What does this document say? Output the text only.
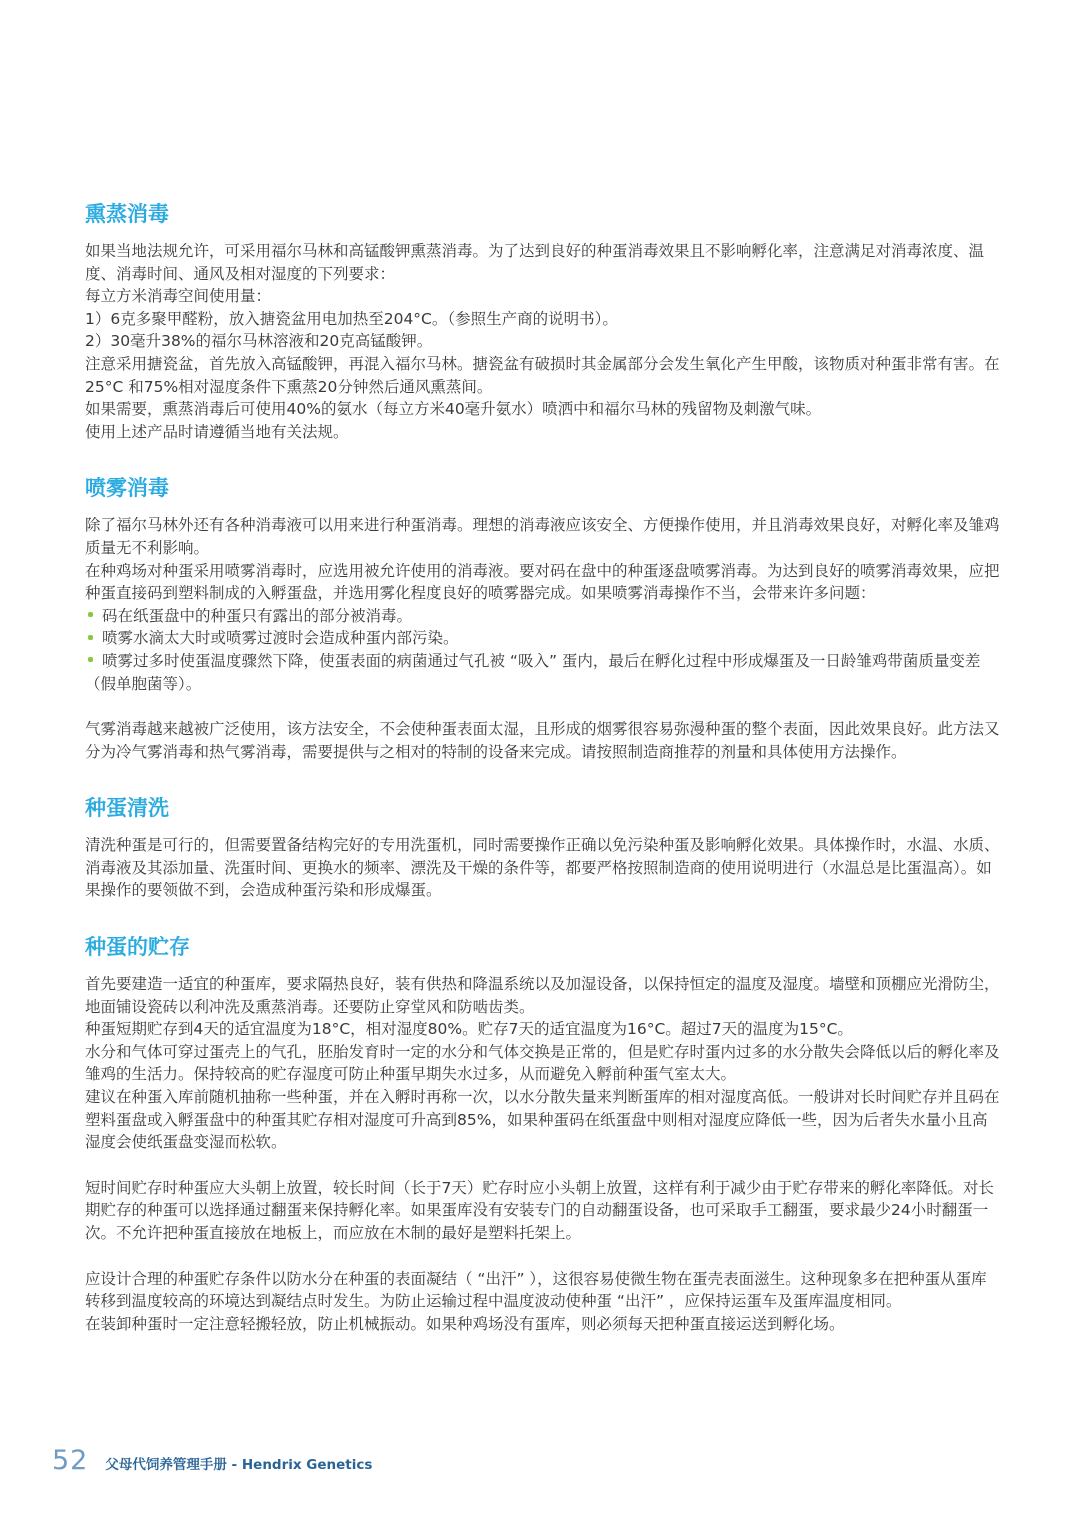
熏蒸消毒

如果当地法规允许，可采用福尔马林和高锰酸钾熏蒸消毒。为了达到良好的种蛋消毒效果且不影响孵化率，注意满足对消毒浓度、温度、消毒时间、通风及相对湿度的下列要求：

每立方米消毒空间使用量：

1）6克多聚甲醛粉，放入搪瓷盆用电加热至204°C。（参照生产商的说明书）。

2）30毫升38%的福尔马林溶液和20克高锰酸钾。

注意采用搪瓷盆，首先放入高锰酸钾，再混入福尔马林。搪瓷盆有破损时其金属部分会发生氧化产生甲酸，该物质对种蛋非常有害。在25°C 和75%相对湿度条件下熏蒸20分钟然后通风熏蒸间。

如果需要，熏蒸消毒后可使用40%的氨水（每立方米40毫升氨水）喷洒中和福尔马林的残留物及刺激气味。

使用上述产品时请遵循当地有关法规。

喷雾消毒

除了福尔马林外还有各种消毒液可以用来进行种蛋消毒。理想的消毒液应该安全、方便操作使用，并且消毒效果良好，对孵化率及雏鸡质量无不利影响。

在种鸡场对种蛋采用喷雾消毒时，应选用被允许使用的消毒液。要对码在盘中的种蛋逐盘喷雾消毒。为达到良好的喷雾消毒效果，应把种蛋直接码到塑料制成的入孵蛋盘，并选用雾化程度良好的喷雾器完成。如果喷雾消毒操作不当，会带来许多问题：

码在纸蛋盘中的种蛋只有露出的部分被消毒。

喷雾水滴太大时或喷雾过渡时会造成种蛋内部污染。

喷雾过多时使蛋温度骤然下降，使蛋表面的病菌通过气孔被 “吸入” 蛋内，最后在孵化过程中形成爆蛋及一日龄雏鸡带菌质量变差（假单胞菌等）。

气雾消毒越来越被广泛使用，该方法安全，不会使种蛋表面太湿，且形成的烟雾很容易弥漫种蛋的整个表面，因此效果良好。此方法又分为冷气雾消毒和热气雾消毒，需要提供与之相对的特制的设备来完成。请按照制造商推荐的剂量和具体使用方法操作。

种蛋清洗

清洗种蛋是可行的，但需要置备结构完好的专用洗蛋机，同时需要操作正确以免污染种蛋及影响孵化效果。具体操作时，水温、水质、消毒液及其添加量、洗蛋时间、更换水的频率、漂洗及干燥的条件等，都要严格按照制造商的使用说明进行（水温总是比蛋温高）。如果操作的要领做不到，会造成种蛋污染和形成爆蛋。

种蛋的贮存

首先要建造一适宜的种蛋库，要求隔热良好，装有供热和降温系统以及加湿设备，以保持恒定的温度及湿度。墙壁和顶棚应光滑防尘，地面铺设瓷砖以利冲洗及熏蒸消毒。还要防止穿堂风和防啮齿类。

种蛋短期贮存到4天的适宜温度为18°C，相对湿度80%。贮存7天的适宜温度为16°C。超过7天的温度为15°C。

水分和气体可穿过蛋壳上的气孔，胚胎发育时一定的水分和气体交换是正常的，但是贮存时蛋内过多的水分散失会降低以后的孵化率及雏鸡的生活力。保持较高的贮存湿度可防止种蛋早期失水过多，从而避免入孵前种蛋气室太大。

建议在种蛋入库前随机抽称一些种蛋，并在入孵时再称一次，以水分散失量来判断蛋库的相对湿度高低。一般讲对长时间贮存并且码在塑料蛋盘或入孵蛋盘中的种蛋其贮存相对湿度可升高到85%，如果种蛋码在纸蛋盘中则相对湿度应降低一些，因为后者失水量小且高湿度会使纸蛋盘变湿而松软。

短时间贮存时种蛋应大头朝上放置，较长时间（长于7天）贮存时应小头朝上放置，这样有利于减少由于贮存带来的孵化率降低。对长期贮存的种蛋可以选择通过翻蛋来保持孵化率。如果蛋库没有安装专门的自动翻蛋设备，也可采取手工翻蛋，要求最少24小时翻蛋一次。不允许把种蛋直接放在地板上，而应放在木制的最好是塑料托架上。

应设计合理的种蛋贮存条件以防水分在种蛋的表面凝结（ “出汗” ），这很容易使微生物在蛋壳表面滋生。这种现象多在把种蛋从蛋库转移到温度较高的环境达到凝结点时发生。为防止运输过程中温度波动使种蛋 “出汗” ，应保持运蛋车及蛋库温度相同。

在装卸种蛋时一定注意轻搬轻放，防止机械振动。如果种鸡场没有蛋库，则必须每天把种蛋直接运送到孵化场。

52 父母代饲养管理手册 - Hendrix Genetics
